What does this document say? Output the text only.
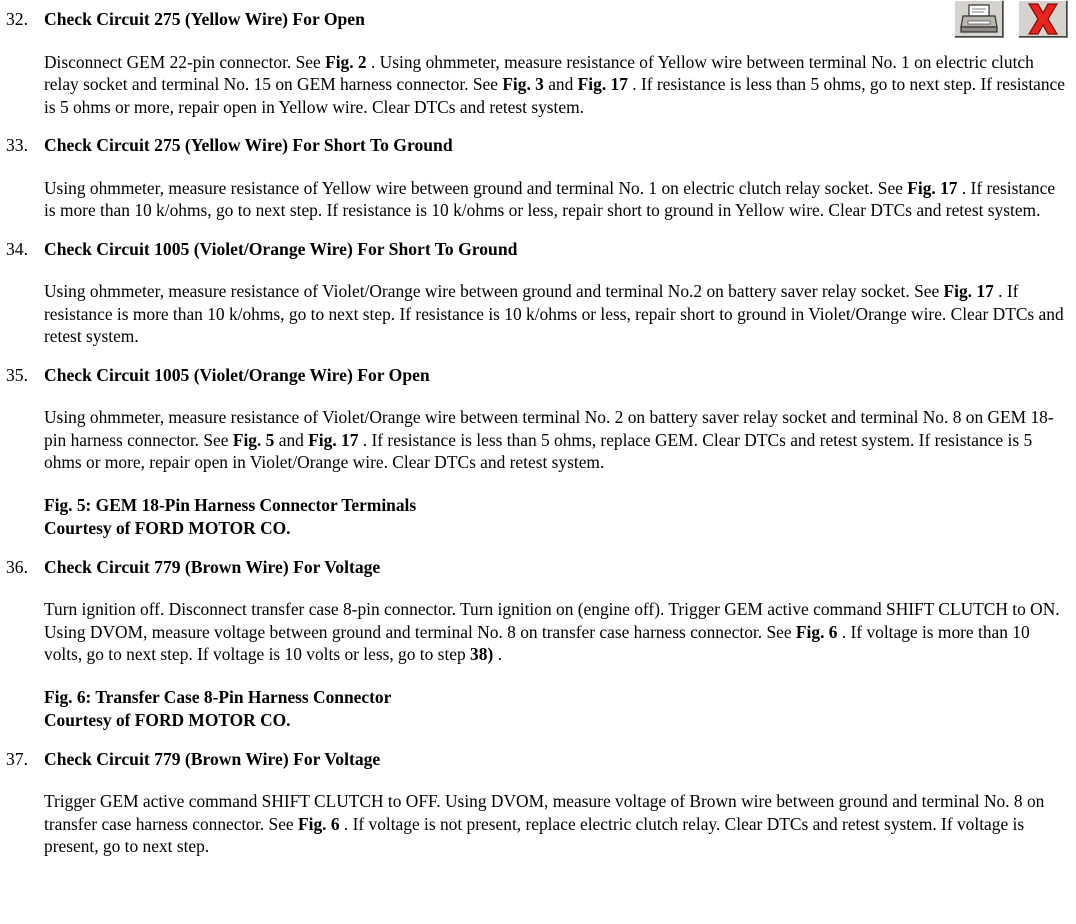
32. Check Circuit 275 (Yellow Wire) For Open
Disconnect GEM 22-pin connector. See Fig. 2 . Using ohmmeter, measure resistance of Yellow wire between terminal No. 1 on electric clutch relay socket and terminal No. 15 on GEM harness connector. See Fig. 3 and Fig. 17 . If resistance is less than 5 ohms, go to next step. If resistance is 5 ohms or more, repair open in Yellow wire. Clear DTCs and retest system.
33. Check Circuit 275 (Yellow Wire) For Short To Ground
Using ohmmeter, measure resistance of Yellow wire between ground and terminal No. 1 on electric clutch relay socket. See Fig. 17 . If resistance is more than 10 k/ohms, go to next step. If resistance is 10 k/ohms or less, repair short to ground in Yellow wire. Clear DTCs and retest system.
34. Check Circuit 1005 (Violet/Orange Wire) For Short To Ground
Using ohmmeter, measure resistance of Violet/Orange wire between ground and terminal No.2 on battery saver relay socket. See Fig. 17 . If resistance is more than 10 k/ohms, go to next step. If resistance is 10 k/ohms or less, repair short to ground in Violet/Orange wire. Clear DTCs and retest system.
35. Check Circuit 1005 (Violet/Orange Wire) For Open
Using ohmmeter, measure resistance of Violet/Orange wire between terminal No. 2 on battery saver relay socket and terminal No. 8 on GEM 18-pin harness connector. See Fig. 5 and Fig. 17 . If resistance is less than 5 ohms, replace GEM. Clear DTCs and retest system. If resistance is 5 ohms or more, repair open in Violet/Orange wire. Clear DTCs and retest system.
Fig. 5: GEM 18-Pin Harness Connector Terminals
Courtesy of FORD MOTOR CO.
36. Check Circuit 779 (Brown Wire) For Voltage
Turn ignition off. Disconnect transfer case 8-pin connector. Turn ignition on (engine off). Trigger GEM active command SHIFT CLUTCH to ON. Using DVOM, measure voltage between ground and terminal No. 8 on transfer case harness connector. See Fig. 6 . If voltage is more than 10 volts, go to next step. If voltage is 10 volts or less, go to step 38) .
Fig. 6: Transfer Case 8-Pin Harness Connector
Courtesy of FORD MOTOR CO.
37. Check Circuit 779 (Brown Wire) For Voltage
Trigger GEM active command SHIFT CLUTCH to OFF. Using DVOM, measure voltage of Brown wire between ground and terminal No. 8 on transfer case harness connector. See Fig. 6 . If voltage is not present, replace electric clutch relay. Clear DTCs and retest system. If voltage is present, go to next step.
